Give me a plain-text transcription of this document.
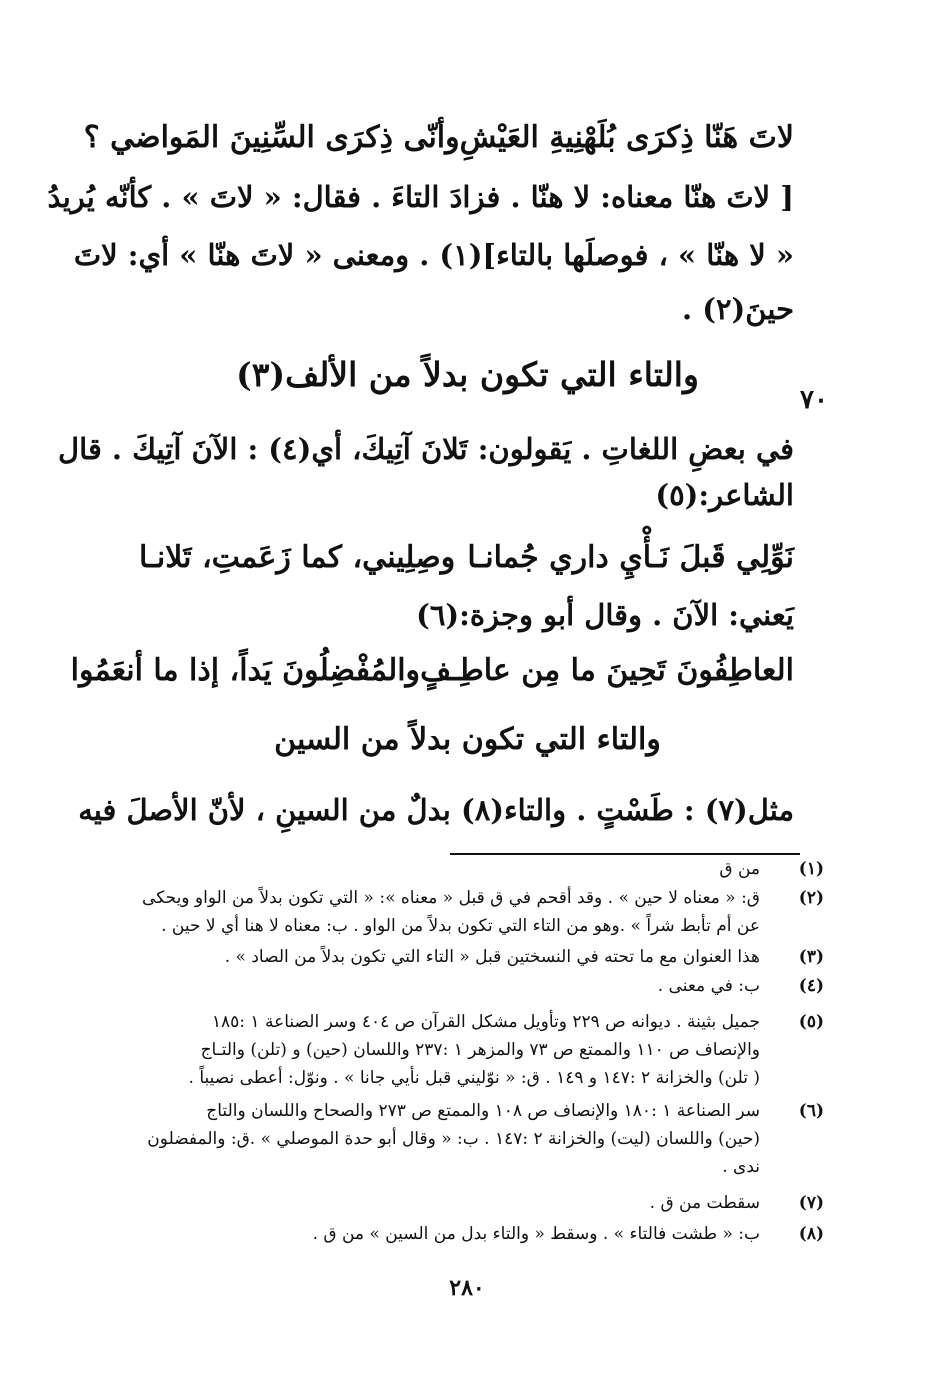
لاتَ هَنّا ذِكرَى بُلَهْنِيةِ العَيْشِ
وأنّى ذِكرَى السِّنِينَ المَواضي ؟
[ لاتَ هنّا معناه: لا هنّا . فزادَ التاءَ . فقال: « لاتَ » . كأنّه يُريدُ
« لا هنّا » ، فوصلَها بالتاء](١) . ومعنى « لاتَ هنّا » أي: لاتَ
حينَ(٢) .
والتاء التي تكون بدلاً من الألف(٣)
٧٠
في بعضِ اللغاتِ . يَقولون: تَلانَ آتِيكَ، أي(٤) : الآنَ آتِيكَ . قال
الشاعر:(٥)
نَوِّلِي قَبلَ نَـأْيِ داري جُمانـا
وصِلِيني، كما زَعَمتِ، تَلانـا
يَعني: الآنَ . وقال أبو وجزة:(٦)
العاطِفُونَ تَحِينَ ما مِن عاطِـفٍ
والمُفْضِلُونَ يَداً، إذا ما أنعَمُوا
والتاء التي تكون بدلاً من السين
مثل(٧) : طَسْتٍ . والتاء(٨) بدلٌ من السينِ ، لأنّ الأصلَ فيه
(١)

من ق

(٢)

ق: « معناه لا حين » . وقد أقحم في ق قبل « معناه »: « التي تكون بدلاً من الواو ويحكى

عن أم تأبط شراً » .وهو من التاء التي تكون بدلاً من الواو . ب: معناه لا هنا أي لا حين .

(٣)

هذا العنوان مع ما تحته في النسختين قبل « التاء التي تكون بدلاً من الصاد » .

(٤)

ب: في معنى .

(٥)

جميل بثينة . ديوانه ص ٢٢٩ وتأويل مشكل القرآن ص ٤٠٤ وسر الصناعة ١ :١٨٥

والإنصاف ص ١١٠ والممتع ص ٧٣ والمزهر ١ :٢٣٧ واللسان (حين) و (تلن) والتـاج

( تلن) والخزانة ٢ :١٤٧ و ١٤٩ . ق: « نوّليني قبل نأيي جانا » . ونوّل: أعطى نصيباً .

(٦)

سر الصناعة ١ :١٨٠ والإنصاف ص ١٠٨ والممتع ص ٢٧٣ والصحاح واللسان والتاج

(حين) واللسان (ليت) والخزانة ٢ :١٤٧ . ب: « وقال أبو حدة الموصلي » .ق: والمفضلون

ندى .

(٧)

سقطت من ق .

(٨)

ب: « طشت فالتاء » . وسقط « والتاء بدل من السين » من ق .

٢٨٠
